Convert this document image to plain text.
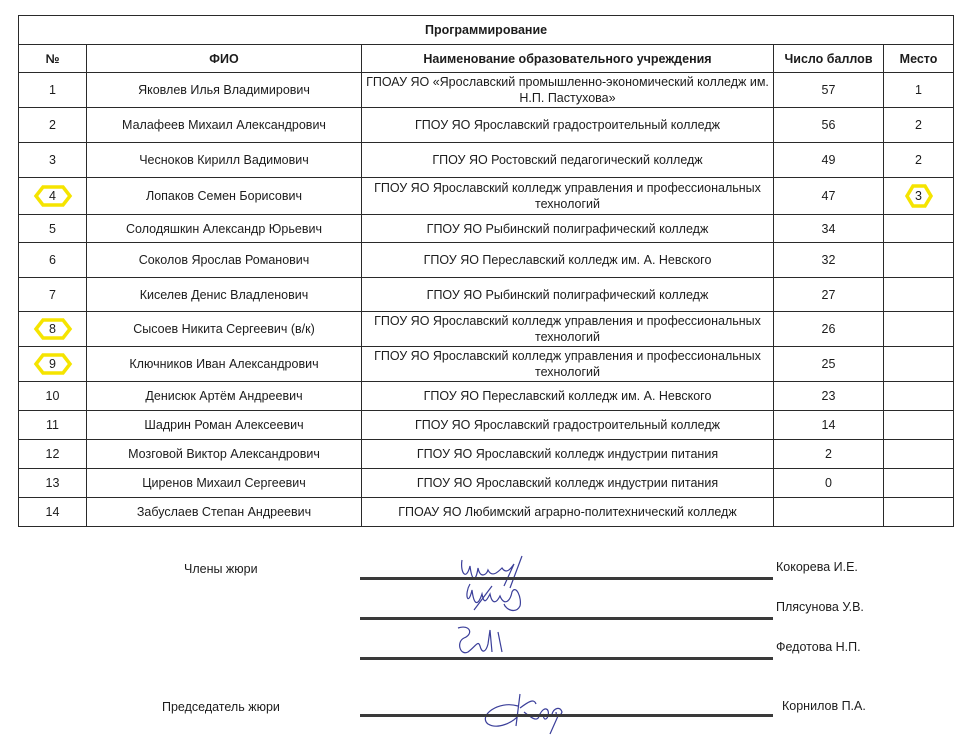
Программирование				
№	ФИО	Наименование образовательного учреждения	Число баллов	Место
1	Яковлев Илья Владимирович	ГПОАУ ЯО «Ярославский промышленно-экономический колледж им. Н.П. Пастухова»	57	1
2	Малафеев Михаил Александрович	ГПОУ ЯО Ярославский градостроительный колледж	56	2
3	Чесноков Кирилл Вадимович	ГПОУ ЯО Ростовский педагогический колледж	49	2

4	Лопаков Семен Борисович	ГПОУ ЯО Ярославский колледж управления и профессиональных технологий	47	3
5	Солодяшкин Александр Юрьевич	ГПОУ ЯО Рыбинский полиграфический колледж	34	
6	Соколов Ярослав Романович	ГПОУ ЯО Переславский колледж им. А. Невского	32	
7	Киселев Денис Владленович	ГПОУ ЯО Рыбинский полиграфический колледж	27	

8	Сысоев Никита Сергеевич (в/к)	ГПОУ ЯО Ярославский колледж управления и профессиональных технологий	26	

9	Ключников Иван Александрович	ГПОУ ЯО Ярославский колледж управления и профессиональных технологий	25	
10	Денисюк Артём Андреевич	ГПОУ ЯО Переславский колледж им. А. Невского	23	
11	Шадрин Роман Алексеевич	ГПОУ ЯО Ярославский градостроительный колледж	14	
12	Мозговой Виктор Александрович	ГПОУ ЯО Ярославский колледж индустрии питания	2	
13	Циренов Михаил Сергеевич	ГПОУ ЯО Ярославский колледж индустрии питания	0	
14	Забуслаев Степан Андреевич	ГПОАУ ЯО Любимский аграрно-политехнический колледж		
Члены жюри	Кокорева И.Е.
Плясунова У.В.
Федотова Н.П.
Председатель жюри	Корнилов П.А.
